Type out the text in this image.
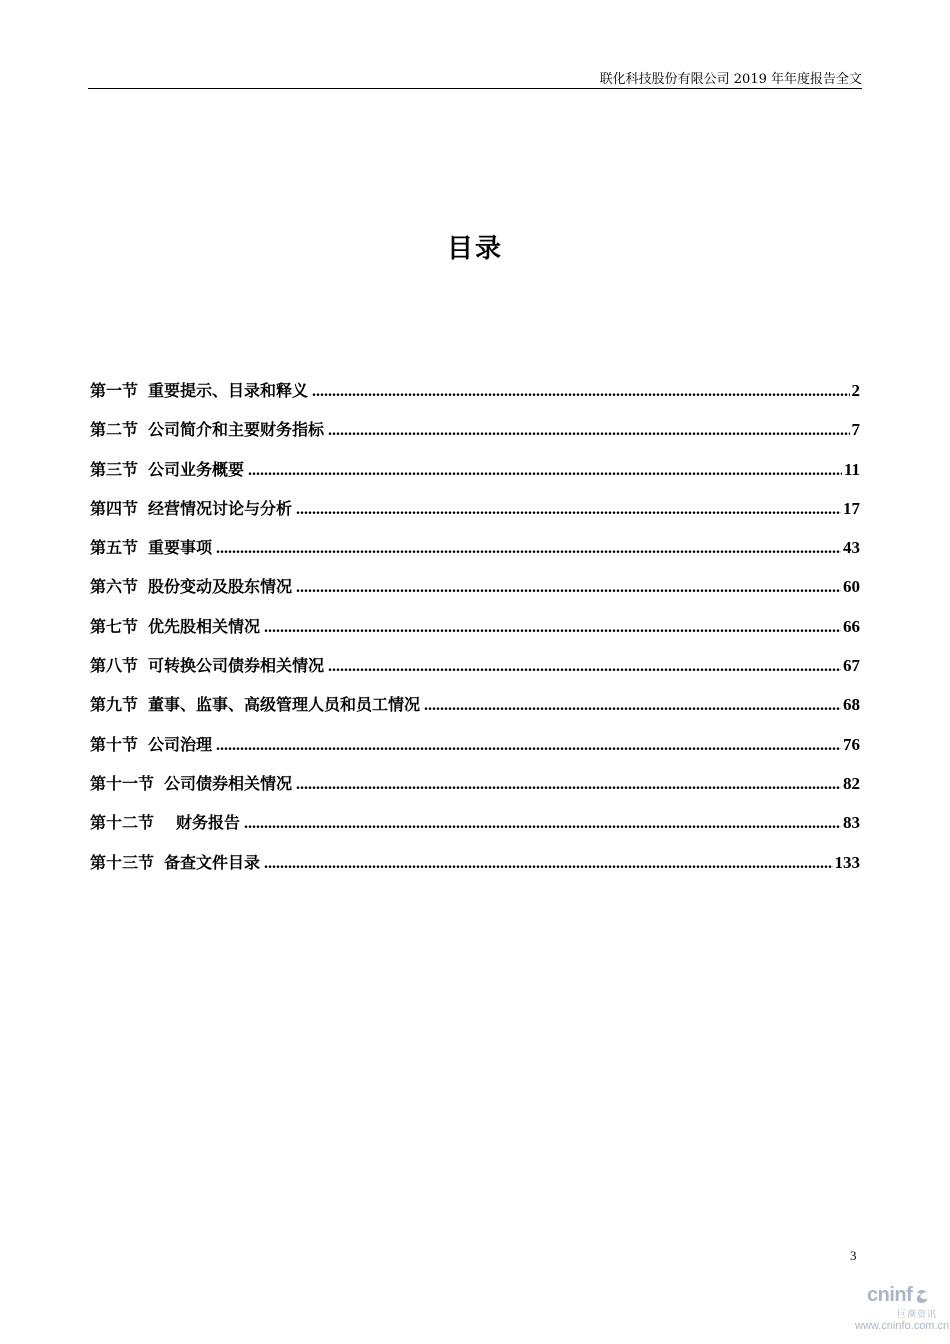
联化科技股份有限公司 2019 年年度报告全文
目录
第一节 重要提示、目录和释义 .....	2
第二节 公司简介和主要财务指标 .....	7
第三节 公司业务概要 .....	11
第四节 经营情况讨论与分析 .....	17
第五节 重要事项 .....	43
第六节 股份变动及股东情况 .....	60
第七节 优先股相关情况 .....	66
第八节 可转换公司债券相关情况 .....	67
第九节 董事、监事、高级管理人员和员工情况 .....	68
第十节 公司治理 .....	76
第十一节 公司债券相关情况 .....	82
第十二节 财务报告 .....	83
第十三节 备查文件目录 .....	133
3
cninf
巨潮资讯
www.cninfo.com.cn
